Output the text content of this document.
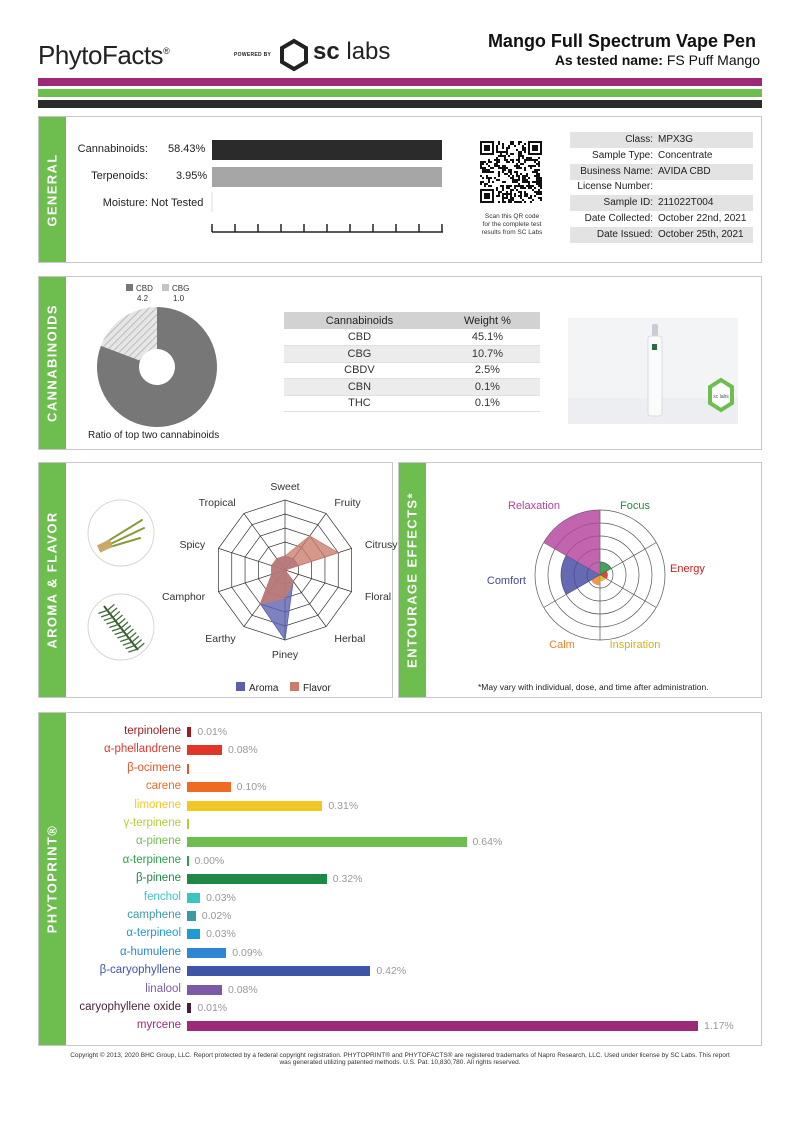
PhytoFacts®	POWERED BY sc labs	Mango Full Spectrum Vape Pen
As tested name: FS Puff Mango
GENERAL
Cannabinoids: 58.43%
Terpenoids:	3.95%
Moisture: Not Tested
Scan this QR code
for the complete test
results from SC Labs
Class: MPX3G
Sample Type: Concentrate
Business Name: AVIDA CBD
License Number:
Sample ID: 211022T004
Date Collected: October 22nd, 2021
Date Issued: October 25th, 2021
CANNABINOIDS
CBD
4.2
CBG
1.0
Ratio of top two cannabinoids
Cannabinoids	Weight %
CBD	45.1%
CBG	10.7%
CBDV	2.5%
CBN	0.1%
THC	0.1%
sc labs
AROMA & FLAVOR
Sweet
Fruity
Citrusy
Floral
Herbal
Piney
Earthy
Camphor
Spicy
Tropical
Aroma Flavor
ENTOURAGE EFFECTS*	Relaxation	Focus
Energy
Inspiration
Calm
Comfort
*May vary with individual, dose, and time after administration.
PHYTOPRINT®
terpinolene 0.01%
α-phellandrene	0.08%
β-ocimene
carene	0.10%
limonene	0.31%
γ-terpinene
α-pinene	0.64%
α-terpinene 0.00%
β-pinene	0.32%
fenchol 0.03%
camphene 0.02%
α-terpineol 0.03%
α-humulene	0.09%
β-caryophyllene	0.42%
linalool	0.08%
caryophyllene oxide 0.01%
myrcene	1.17%
Copyright © 2013, 2020 BHC Group, LLC. Report protected by a federal copyright registration. PHYTOPRINT® and PHYTOFACTS® are registered trademarks of Napro Research, LLC. Used under license by SC Labs. This report
was generated utilizing patented methods. U.S. Pat. 10,830,780. All rights reserved.
